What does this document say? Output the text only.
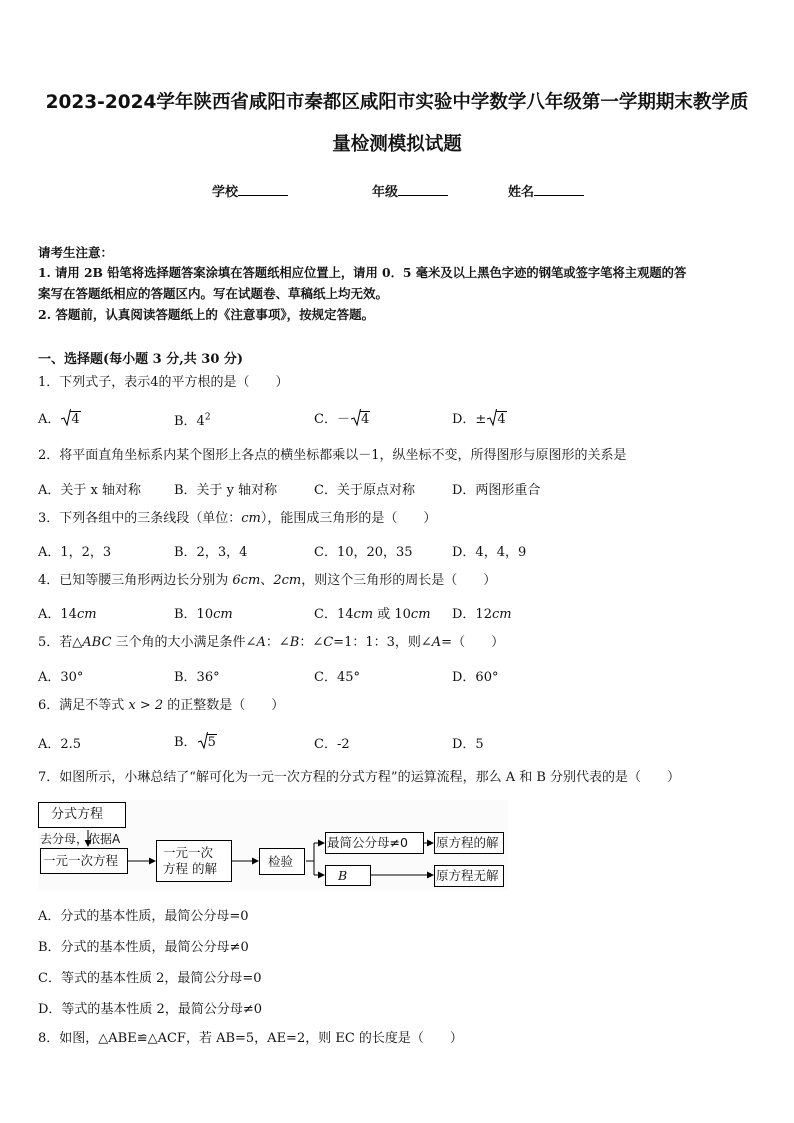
2023-2024学年陕西省咸阳市秦都区咸阳市实验中学数学八年级第一学期期末教学质
量检测模拟试题
学校	年级	姓名
请考生注意：
1. 请用 2B 铅笔将选择题答案涂填在答题纸相应位置上，请用 0．5 毫米及以上黑色字迹的钢笔或签字笔将主观题的答
案写在答题纸相应的答题区内。写在试题卷、草稿纸上均无效。
2. 答题前，认真阅读答题纸上的《注意事项》，按规定答题。
一、选择题(每小题 3 分,共 30 分)
1．下列式子，表示4的平方根的是（　　）
A． 4	B．$4^2$	C．－ 4	D．± 4
2．将平面直角坐标系内某个图形上各点的横坐标都乘以－1，纵坐标不变，所得图形与原图形的关系是
A．关于 x 轴对称	B．关于 y 轴对称	C．关于原点对称	D．两图形重合
3．下列各组中的三条线段（单位：cm），能围成三角形的是（　　）
A．1，2，3	B．2，3，4	C．10，20，35	D．4，4，9
4．已知等腰三角形两边长分别为 6cm、2cm，则这个三角形的周长是（　　）
A．14cm	B．10cm	C．14cm 或 10cm D．12cm
5．若△ABC 三个角的大小满足条件∠A：∠B：∠C=1：1：3，则∠A=（　　）
A．30°	B．36°	C．45°	D．60°
6．满足不等式 x > 2 的正整数是（　　）
A．2.5	B． 5	C．-2	D．5
7．如图所示，小琳总结了“解可化为一元一次方程的分式方程”的运算流程，那么 A 和 B 分别代表的是（　　）
分式方程
去分母，依据A
一元一次方程
一元一次
方程 的解	检验
最简公分母≠0	原方程的解
B	原方程无解
A．分式的基本性质，最简公分母=0
B．分式的基本性质，最简公分母≠0
C．等式的基本性质 2，最简公分母=0
D．等式的基本性质 2，最简公分母≠0
8．如图，△ABE≌△ACF，若 AB=5，AE=2，则 EC 的长度是（　　）
